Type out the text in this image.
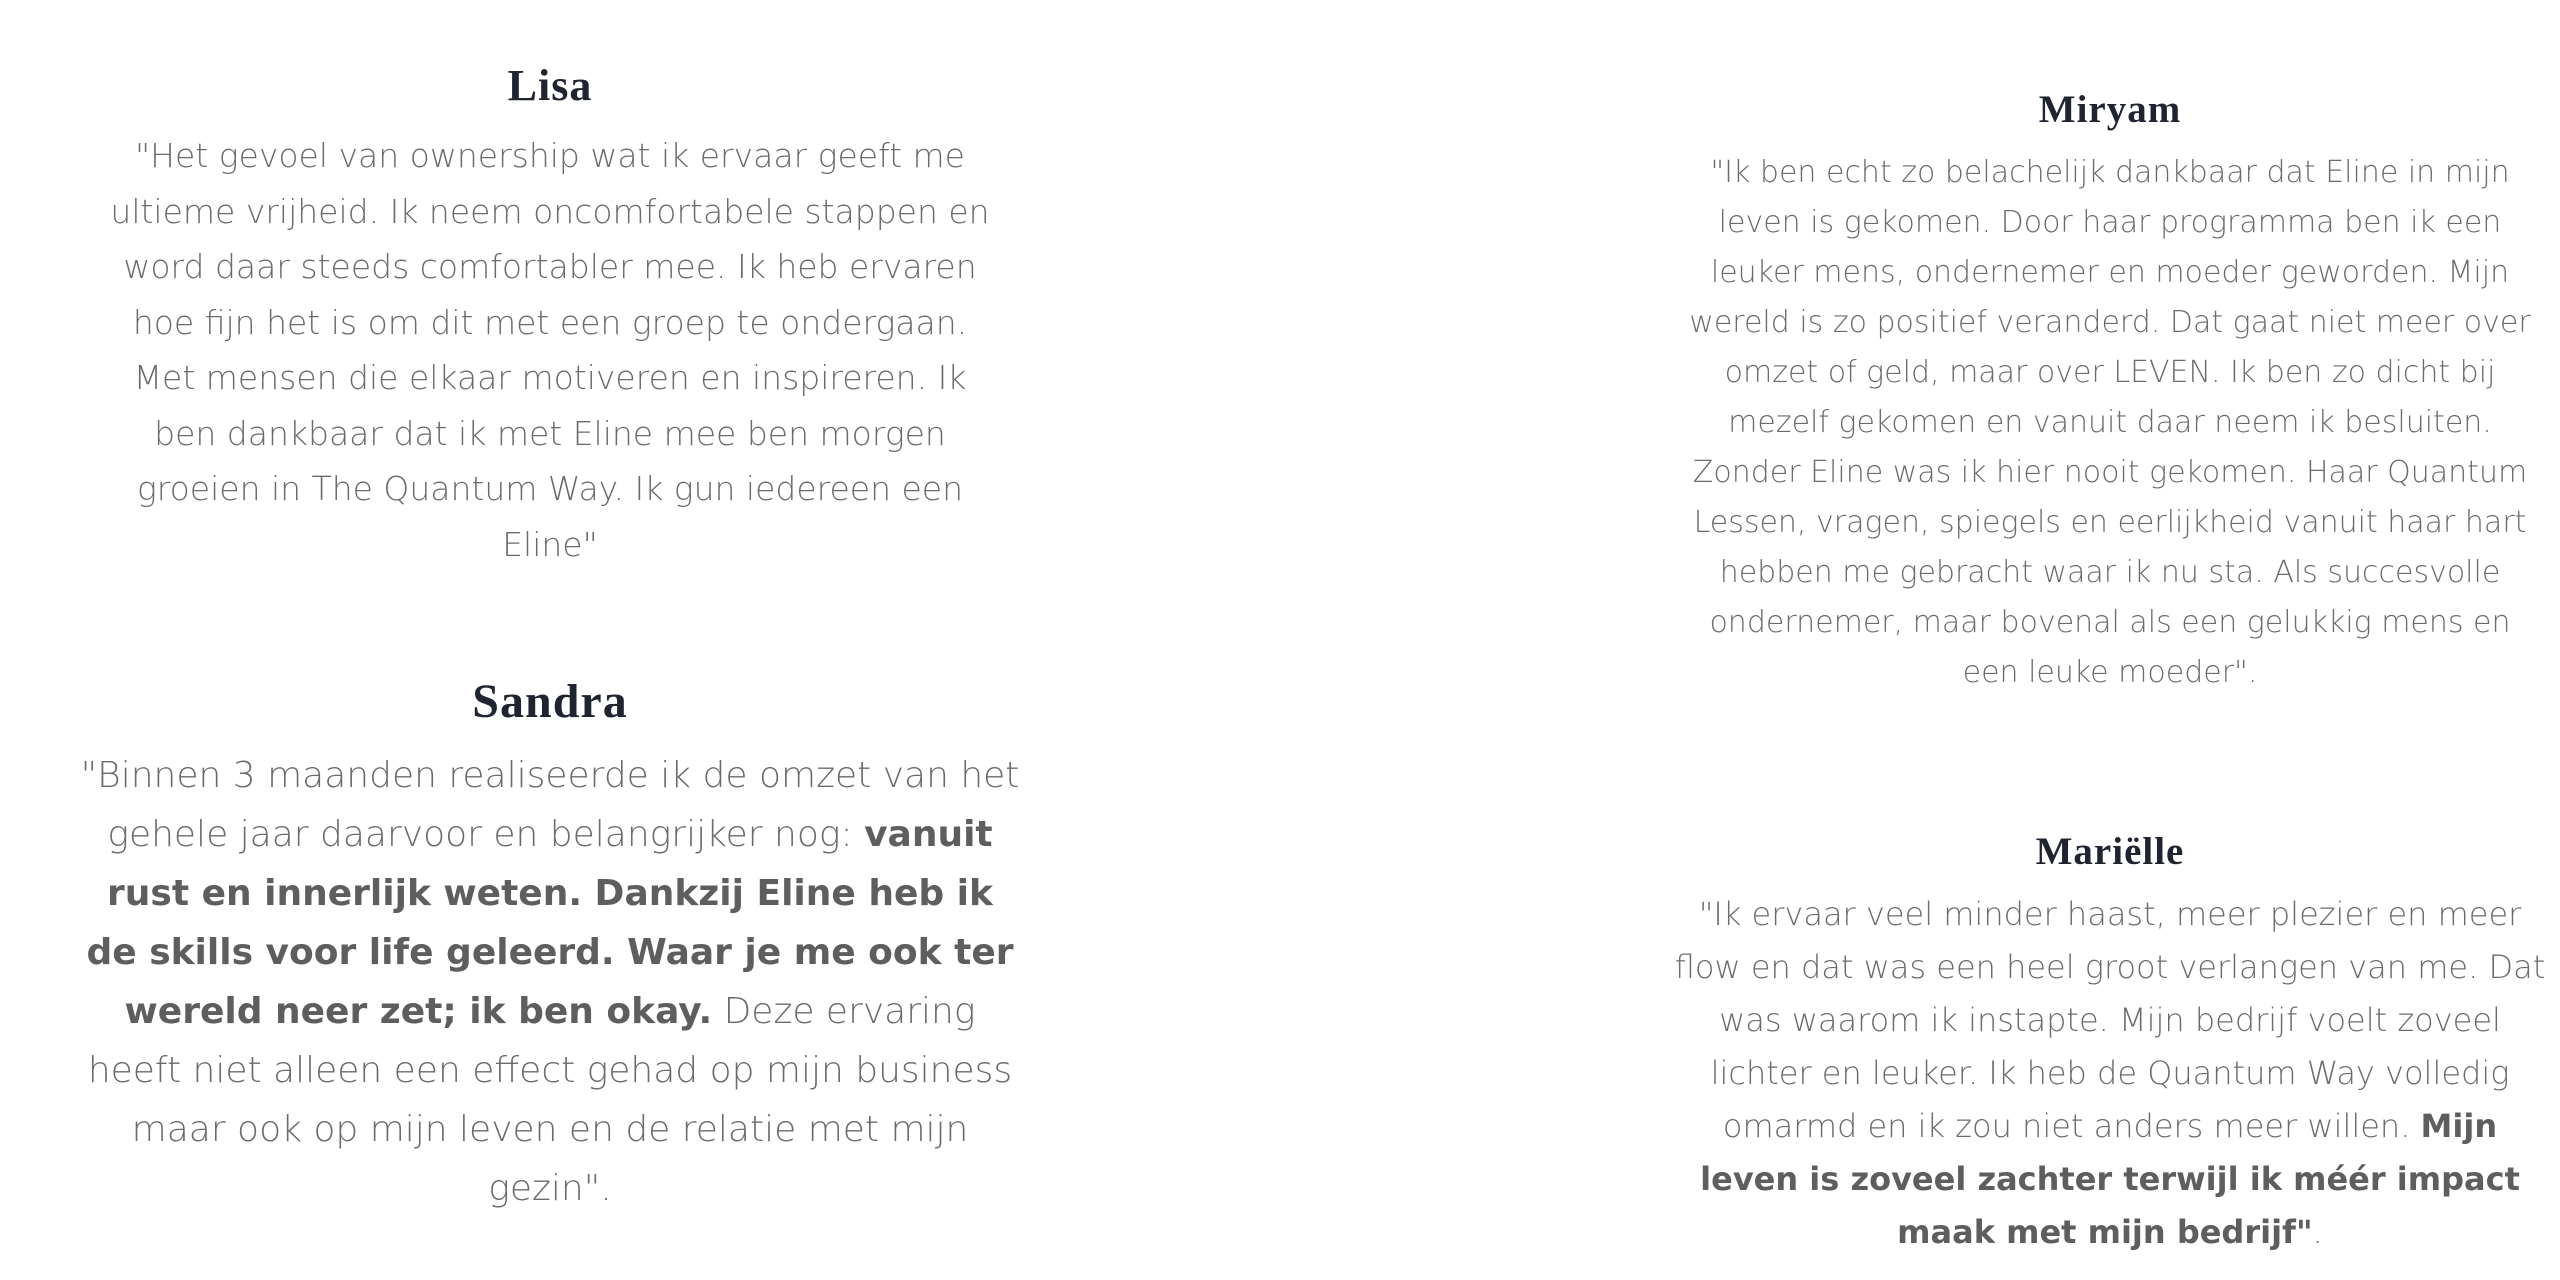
Lisa

"Het gevoel van ownership wat ik ervaar geeft me ultieme vrijheid. Ik neem oncomfortabele stappen en word daar steeds comfortabler mee. Ik heb ervaren hoe fijn het is om dit met een groep te ondergaan. Met mensen die elkaar motiveren en inspireren. Ik ben dankbaar dat ik met Eline mee ben morgen groeien in The Quantum Way. Ik gun iedereen een Eline"

Sandra

"Binnen 3 maanden realiseerde ik de omzet van het gehele jaar daarvoor en belangrijker nog: vanuit rust en innerlijk weten. Dankzij Eline heb ik de skills voor life geleerd. Waar je me ook ter wereld neer zet; ik ben okay. Deze ervaring heeft niet alleen een effect gehad op mijn business maar ook op mijn leven en de relatie met mijn gezin".

Miryam

"Ik ben echt zo belachelijk dankbaar dat Eline in mijn leven is gekomen. Door haar programma ben ik een leuker mens, ondernemer en moeder geworden. Mijn wereld is zo positief veranderd. Dat gaat niet meer over omzet of geld, maar over LEVEN. Ik ben zo dicht bij mezelf gekomen en vanuit daar neem ik besluiten. Zonder Eline was ik hier nooit gekomen. Haar Quantum Lessen, vragen, spiegels en eerlijkheid vanuit haar hart hebben me gebracht waar ik nu sta. Als succesvolle ondernemer, maar bovenal als een gelukkig mens en een leuke moeder".

Mariëlle

"Ik ervaar veel minder haast, meer plezier en meer flow en dat was een heel groot verlangen van me. Dat was waarom ik instapte. Mijn bedrijf voelt zoveel lichter en leuker. Ik heb de Quantum Way volledig omarmd en ik zou niet anders meer willen. Mijn leven is zoveel zachter terwijl ik méér impact maak met mijn bedrijf".
